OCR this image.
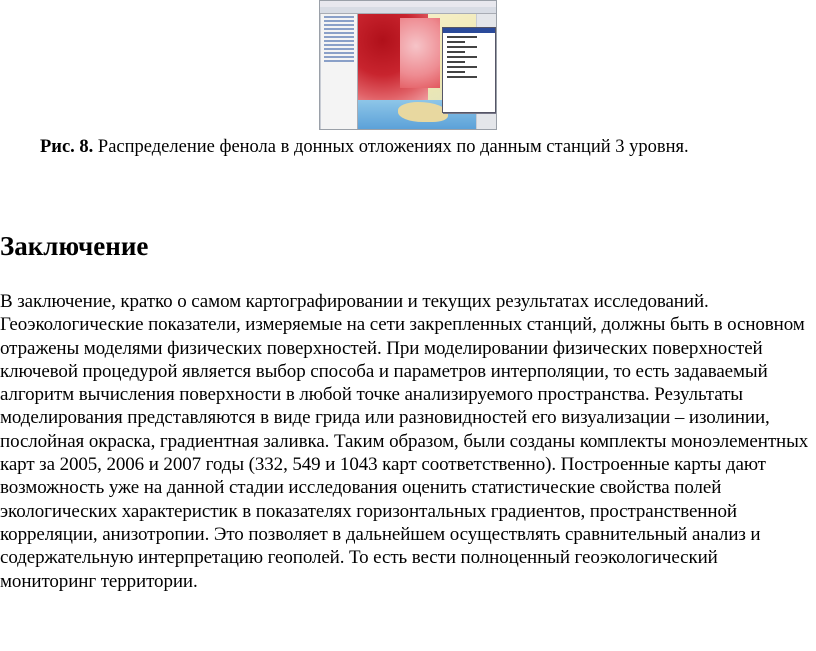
Рис. 8. Распределение фенола в донных отложениях по данным станций 3 уровня.
Заключение

В заключение, кратко о самом картографировании и текущих результатах исследований. Геоэкологические показатели, измеряемые на сети закрепленных станций, должны быть в основном отражены моделями физических поверхностей. При моделировании физических поверхностей ключевой процедурой является выбор способа и параметров интерполяции, то есть задаваемый алгоритм вычисления поверхности в любой точке анализируемого пространства. Результаты моделирования представляются в виде грида или разновидностей его визуализации – изолинии, послойная окраска, градиентная заливка. Таким образом, были созданы комплекты моноэлементных карт за 2005, 2006 и 2007 годы (332, 549 и 1043 карт соответственно). Построенные карты дают возможность уже на данной стадии исследования оценить статистические свойства полей экологических характеристик в показателях горизонтальных градиентов, пространственной корреляции, анизотропии. Это позволяет в дальнейшем осуществлять сравнительный анализ и содержательную интерпретацию геополей. То есть вести полноценный геоэкологический мониторинг территории.
